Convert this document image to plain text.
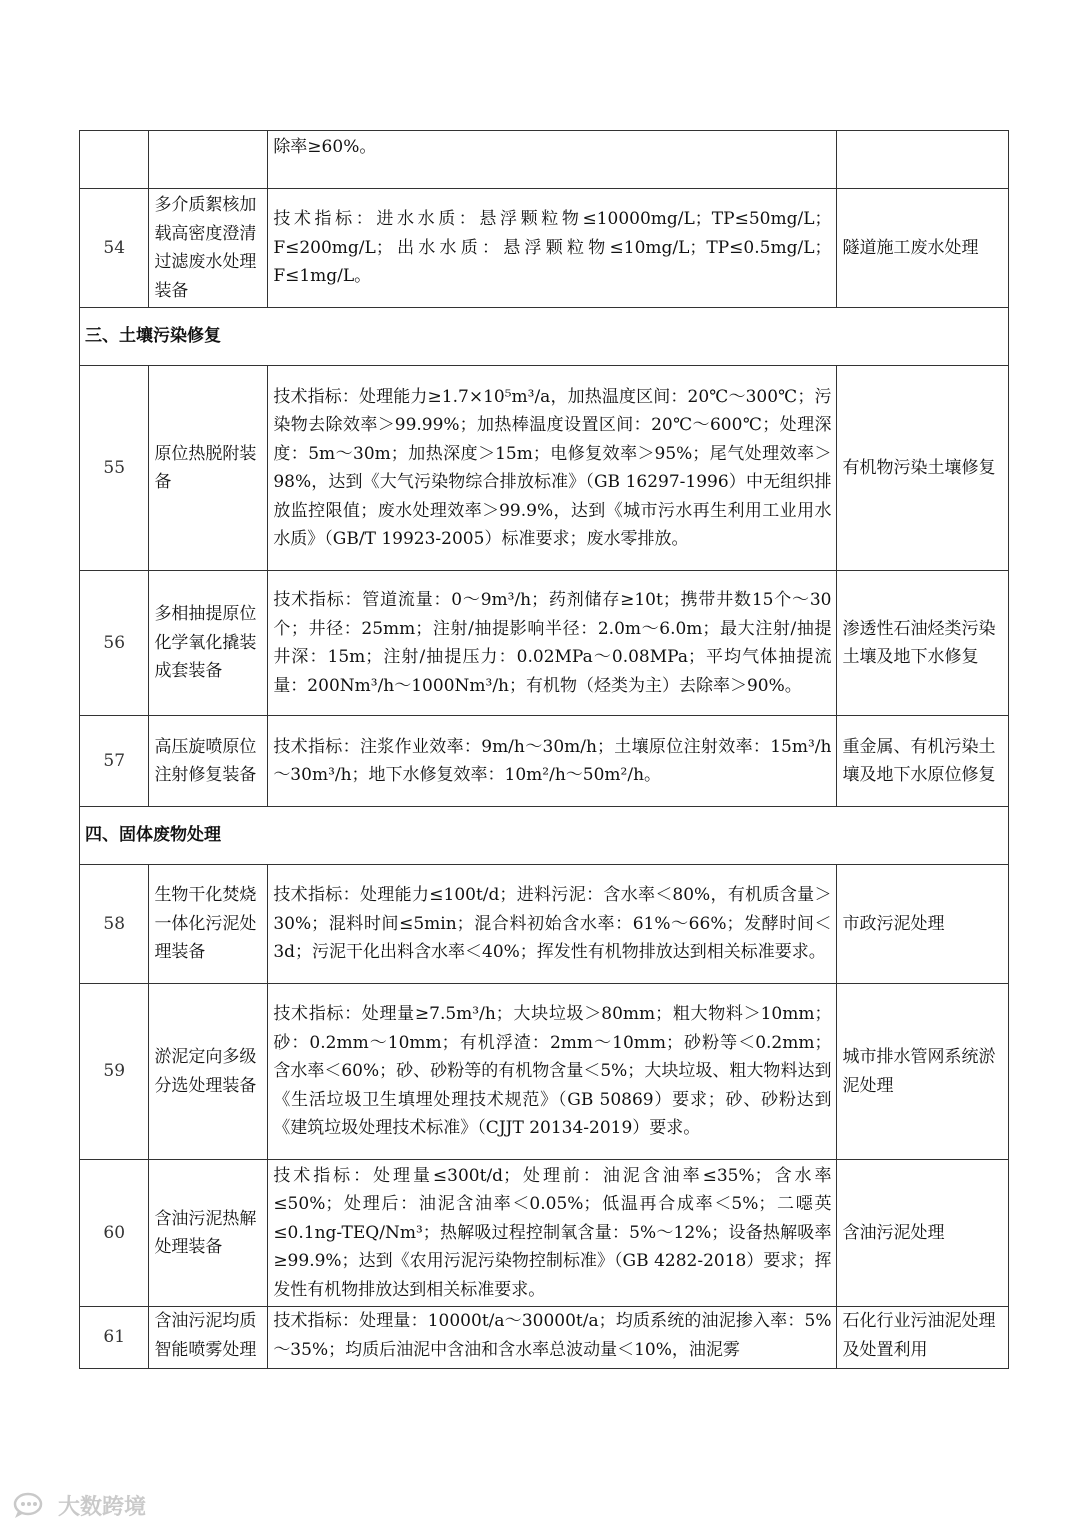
		除率≥60%。	
54	多介质絮核加载高密度澄清过滤废水处理装备	技术指标：进水水质：悬浮颗粒物≤10000mg/L；TP≤50mg/L；F≤200mg/L；出水水质：悬浮颗粒物≤10mg/L；TP≤0.5mg/L；F≤1mg/L。	隧道施工废水处理
三、土壤污染修复			
55	原位热脱附装备	技术指标：处理能力≥1.7×10⁵m³/a，加热温度区间：20℃～300℃；污染物去除效率＞99.99%；加热棒温度设置区间：20℃～600℃；处理深度：5m～30m；加热深度＞15m；电修复效率＞95%；尾气处理效率＞98%，达到《大气污染物综合排放标准》（GB 16297-1996）中无组织排放监控限值；废水处理效率＞99.9%，达到《城市污水再生利用工业用水水质》（GB/T 19923-2005）标准要求；废水零排放。	有机物污染土壤修复
56	多相抽提原位化学氧化撬装成套装备	技术指标：管道流量：0～9m³/h；药剂储存≥10t；携带井数15个～30个；井径：25mm；注射/抽提影响半径：2.0m～6.0m；最大注射/抽提井深：15m；注射/抽提压力：0.02MPa～0.08MPa；平均气体抽提流量：200Nm³/h～1000Nm³/h；有机物（烃类为主）去除率＞90%。	渗透性石油烃类污染土壤及地下水修复
57	高压旋喷原位注射修复装备	技术指标：注浆作业效率：9m/h～30m/h；土壤原位注射效率：15m³/h～30m³/h；地下水修复效率：10m²/h～50m²/h。	重金属、有机污染土壤及地下水原位修复
四、固体废物处理			
58	生物干化焚烧一体化污泥处理装备	技术指标：处理能力≤100t/d；进料污泥：含水率＜80%，有机质含量＞30%；混料时间≤5min；混合料初始含水率：61%～66%；发酵时间＜3d；污泥干化出料含水率＜40%；挥发性有机物排放达到相关标准要求。	市政污泥处理
59	淤泥定向多级分选处理装备	技术指标：处理量≥7.5m³/h；大块垃圾＞80mm；粗大物料＞10mm；砂：0.2mm～10mm；有机浮渣：2mm～10mm；砂粉等＜0.2mm；含水率＜60%；砂、砂粉等的有机物含量＜5%；大块垃圾、粗大物料达到《生活垃圾卫生填埋处理技术规范》（GB 50869）要求；砂、砂粉达到《建筑垃圾处理技术标准》（CJJT 20134-2019）要求。	城市排水管网系统淤泥处理
60	含油污泥热解处理装备	技术指标：处理量≤300t/d；处理前：油泥含油率≤35%；含水率≤50%；处理后：油泥含油率＜0.05%；低温再合成率＜5%；二噁英≤0.1ng-TEQ/Nm³；热解吸过程控制氧含量：5%～12%；设备热解吸率≥99.9%；达到《农用污泥污染物控制标准》（GB 4282-2018）要求；挥发性有机物排放达到相关标准要求。	含油污泥处理
61	含油污泥均质智能喷雾处理	技术指标：处理量：10000t/a～30000t/a；均质系统的油泥掺入率：5%～35%；均质后油泥中含油和含水率总波动量＜10%，油泥雾	石化行业污油泥处理及处置利用
大数跨境
